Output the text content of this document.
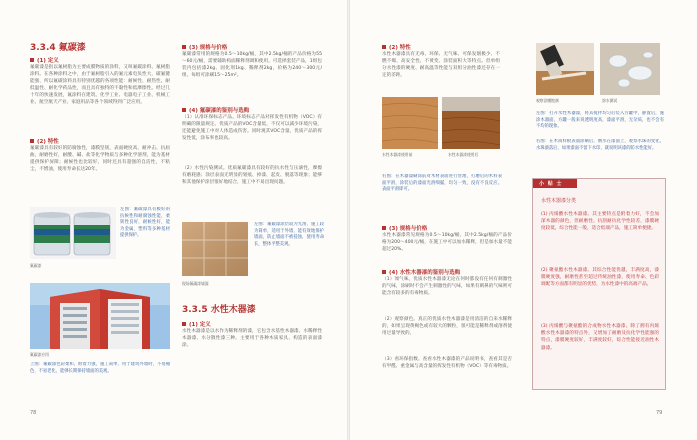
3.3.4 氟碳漆
(1) 定义
氟碳漆是指以氟树脂为主要成膜物质的涂料，又叫氟碳涂料、氟树脂涂料。在各种涂料之中，由于氟树脂引入的氟元素电负性大，碳氟键能强，所以氟碳涂料具有特别优越的各项性能：耐候性、耐热性、耐低温性、耐化学药品性，而且具有独特的不黏性和低摩擦性。经过几十年的快速发展，氟涂料在建筑、化学工业、电器电子工业、机械工业、航空航天产业、家庭用品等各个领域得到广泛应用。
(2) 特性
氟碳漆具有较好的防腐蚀性，漆膜坚韧，表面硬度高、耐冲击、抗屈曲、耐磨性好，耐酸、碱、盐等化学物质与多种化学溶剂，能为基材提供保护屏障；耐候性也比较好，同时还具有超强的自洁性，不粘尘，不憎油，使用寿命长达20年。
氟碳漆
左图：氟碳漆具有极好的抗候性和耐腐蚀性能，柔韧性良好，耐候性好，能为金属、塑料等多种基材提供保护。
氟碳漆应用
上图：氟碳漆色彩柔和，附着力强，施工简单，用于建筑外墙时，不易褪色、不易老化，能够长期保持墙面的美观。
(3) 规格与价格
氟碳漆常用的规格为0.5～10kg/桶，其中2.5kg/桶的产品价格为55～60元/桶，需要辅助构面稀释剂调和使用。可选择套装产品，1组包装内包括漆2kg、固化剂1kg、稀释剂2kg，价格为240～300元/组，每组可涂刷15～25m²。
(4) 氟碳漆的鉴别与选购
（1）认准环保标志产品。环境标志产品对挥发性有机物（VOC）有明确的限量规定。优质产品的VOC含量低，不仅可以减少环境污染，还能避免施工中对人体造成伤害。同时观其VOC含量。优质产品的挥发性低，涂布率也较高。
（2）水性污染测试。优质氟碳漆具有较好的抗水性与压滴性，摩擦有磨耗感；涂层表面无明显的划痕、掉漆、起皮、脱落等现象；能够和其他保护涂层很好地结合，施工中不易出现问题。
现场氟碳漆墙面
左图：氟碳漆涂层较为光滑，施工较为简单，适用于外墙，能有效地保护墙面，防止墙面不被侵蚀，使用寿命长，整体平整美观。
3.3.5 水性木器漆
(1) 定义
水性木器漆是以水作为稀释剂的漆，它包含水基性木器漆、水稀释性木器漆、水分散性漆三种。主要用于各种木质家具、构造的表面漆涂。
78
(2) 特性
水性木器漆具有无毒、环保、无气味、可保发烟极少、不燃不爆、高安全性、不黄变、涂装面积大等特点。但单组分水性漆的硬度、耐高温等性能与双组分油性漆还存在一定的差距。
水性木器漆使用前	水性木器漆使用后
观察涂膜饱满	溶水测试
左图：打开水性木器漆，将其搅拌均匀后装入方罐中，静置后，施涂木器面，方罐一般来说透明度高，漆面平滑，无杂质，也不会有不均的现象。
右图：在木质样板表面涂刷后，倒水在漆面上，观察水珠的变化，水珠滚落后，如果漆面不留下水印，就说明该漆的防水性能好。
右图：在木器漆刷涂前对木材表面进行处理，打磨后的木料表面平滑，涂装后的漆面光滑细腻，均匀一致，没有不良反应。表面平滑即可。
(3) 规格与价格
水性木器漆常见规格为0.5～10kg/桶，其中2.5kg/桶的产品价格为200～400元/桶，在施工中可以加水稀释，但是加水量不能超过20%。
(4) 水性木器漆的鉴别与选购
（1）闻气味。优质水性木器漆无论在何时都没有任何有刺激性的气味，涂刷时不会产生刺激性的气味，如果有刺鼻的气味则可能含有较多的有毒物质。
（2）观察颜色。真正的优质水性木器漆是用清洁的自来水稀释的，如果呈现黄褐色或有较大的颗粒，很可能是稀释剂或溶剂使用过量导致的。
（3）看环保指数。查看水性木器漆的产品说明书，查看其是否有甲醛、重金属与高含量的挥发性有机物（VOC）等有毒物质。
小 贴 士
水性木器漆分类
(1) 丙烯酸水性木器漆。其主要特点是附着力好，不会加深木器的颜色，但耐磨性、抗刮耐抗化学性较差，漆膜硬度较低，综合性能一般，适合低端产品，施工简单便捷。
(2) 聚氨酯水性木器漆。其综合性能优越，丰满度高，漆膜硬度强，耐磨性甚至超过传统油性漆，使用寿命、色彩调配等方面都有明显的优势，为水性漆中的高端产品。
(3) 丙烯酸与聚氨酯的合成物水性木器漆。除了拥有丙烯酸水性木器漆的特点外，又增加了耐磨及抗化学性能强的特点，漆膜硬度较好，丰满度较好，综合性能接近油性木器漆。
79
